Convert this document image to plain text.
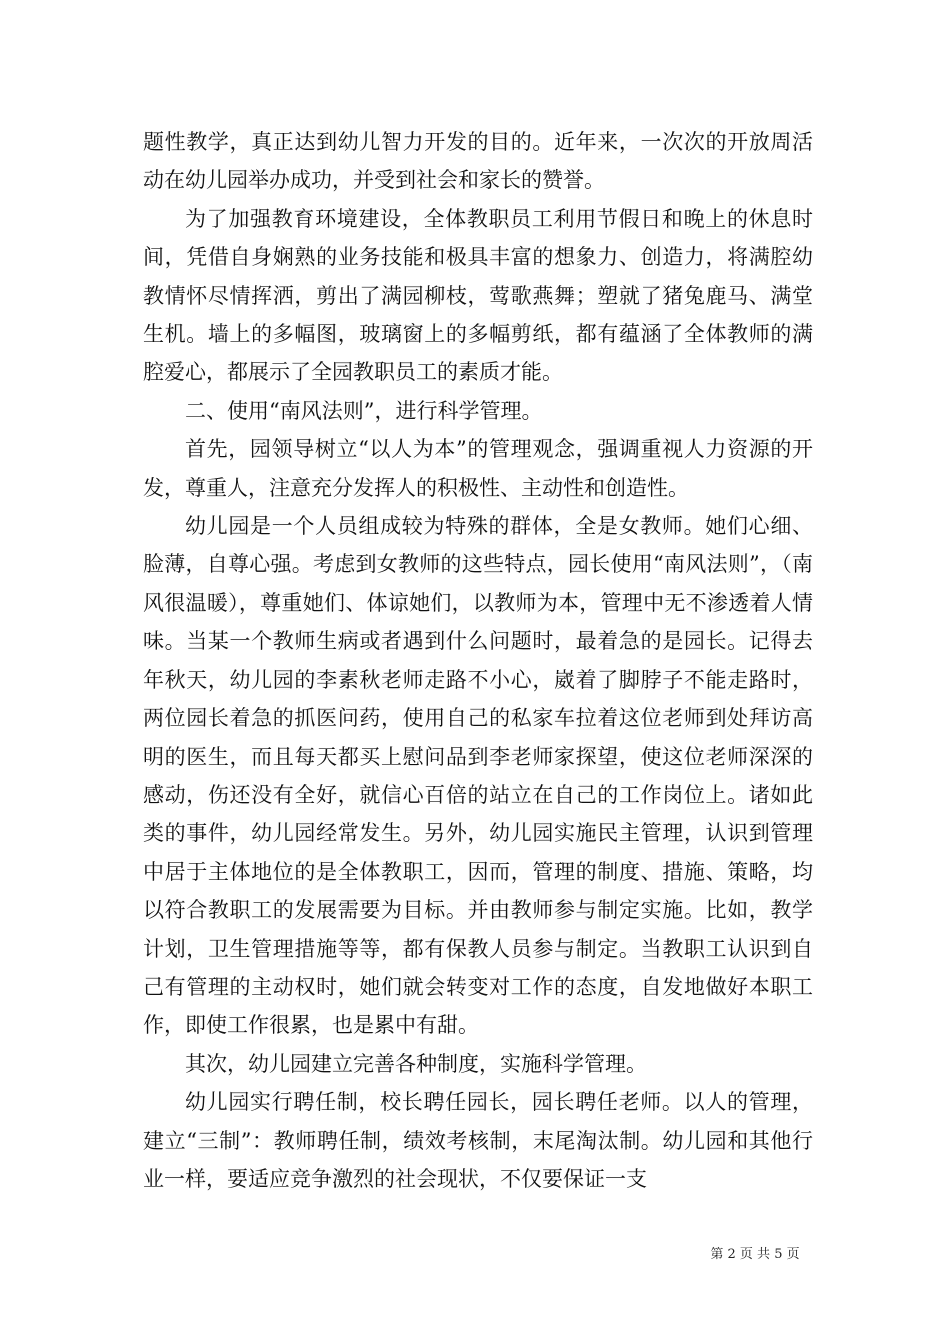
题性教学，真正达到幼儿智力开发的目的。近年来，一次次的开放周活动在幼儿园举办成功，并受到社会和家长的赞誉。

为了加强教育环境建设，全体教职员工利用节假日和晚上的休息时间，凭借自身娴熟的业务技能和极具丰富的想象力、创造力，将满腔幼教情怀尽情挥洒，剪出了满园柳枝，莺歌燕舞；塑就了猪兔鹿马、满堂生机。墙上的多幅图，玻璃窗上的多幅剪纸，都有蕴涵了全体教师的满腔爱心，都展示了全园教职员工的素质才能。

二、使用“南风法则”，进行科学管理。

首先，园领导树立“以人为本”的管理观念，强调重视人力资源的开发，尊重人，注意充分发挥人的积极性、主动性和创造性。

幼儿园是一个人员组成较为特殊的群体，全是女教师。她们心细、脸薄，自尊心强。考虑到女教师的这些特点，园长使用“南风法则”，（南风很温暖），尊重她们、体谅她们，以教师为本，管理中无不渗透着人情味。当某一个教师生病或者遇到什么问题时，最着急的是园长。记得去年秋天，幼儿园的李素秋老师走路不小心，崴着了脚脖子不能走路时，两位园长着急的抓医问药，使用自己的私家车拉着这位老师到处拜访高明的医生，而且每天都买上慰问品到李老师家探望，使这位老师深深的感动，伤还没有全好，就信心百倍的站立在自己的工作岗位上。诸如此类的事件，幼儿园经常发生。另外，幼儿园实施民主管理，认识到管理中居于主体地位的是全体教职工，因而，管理的制度、措施、策略，均以符合教职工的发展需要为目标。并由教师参与制定实施。比如，教学计划，卫生管理措施等等，都有保教人员参与制定。当教职工认识到自己有管理的主动权时，她们就会转变对工作的态度，自发地做好本职工作，即使工作很累，也是累中有甜。

其次，幼儿园建立完善各种制度，实施科学管理。

幼儿园实行聘任制，校长聘任园长，园长聘任老师。以人的管理，建立“三制”：教师聘任制，绩效考核制，末尾淘汰制。幼儿园和其他行业一样，要适应竞争激烈的社会现状，不仅要保证一支

第 2 页 共 5 页
